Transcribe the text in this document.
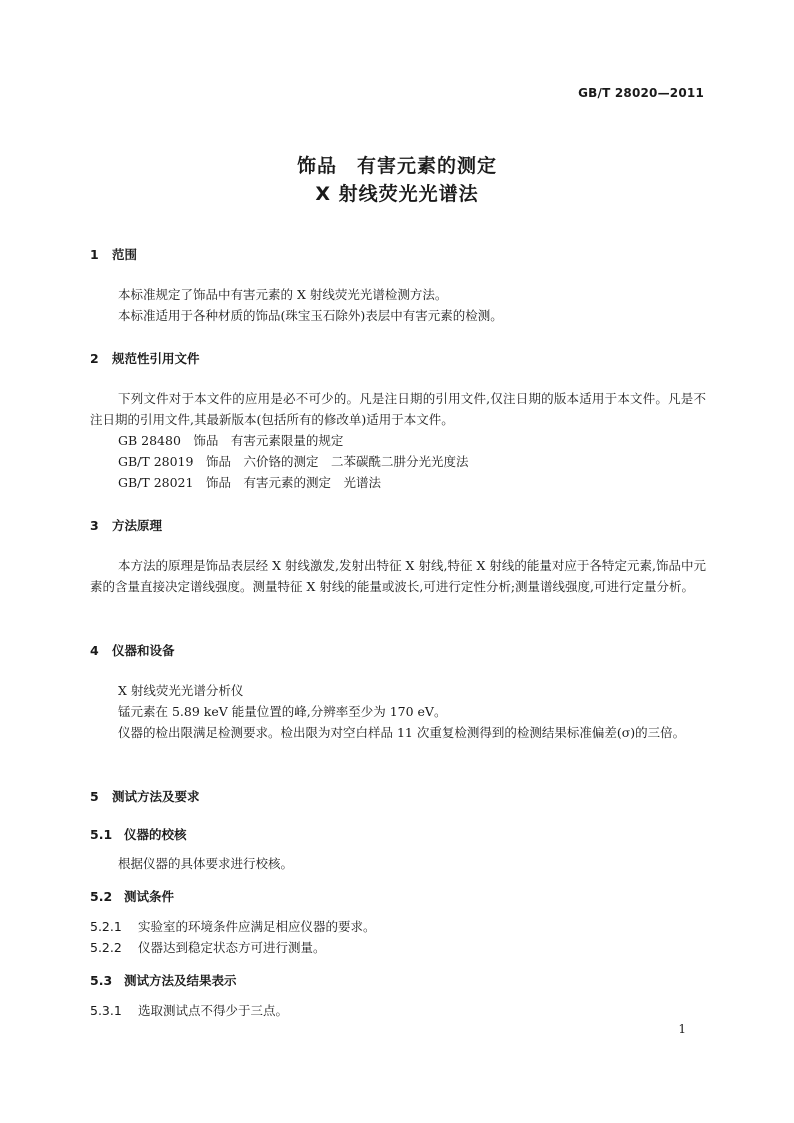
GB/T 28020—2011
饰品　有害元素的测定
X 射线荧光光谱法
1 范围
本标准规定了饰品中有害元素的 X 射线荧光光谱检测方法。
本标准适用于各种材质的饰品(珠宝玉石除外)表层中有害元素的检测。
2 规范性引用文件
下列文件对于本文件的应用是必不可少的。凡是注日期的引用文件,仅注日期的版本适用于本文件。凡是不注日期的引用文件,其最新版本(包括所有的修改单)适用于本文件。
GB 28480　饰品　有害元素限量的规定
GB/T 28019　饰品　六价铬的测定　二苯碳酰二肼分光光度法
GB/T 28021　饰品　有害元素的测定　光谱法
3 方法原理
本方法的原理是饰品表层经 X 射线激发,发射出特征 X 射线,特征 X 射线的能量对应于各特定元素,饰品中元素的含量直接决定谱线强度。测量特征 X 射线的能量或波长,可进行定性分析;测量谱线强度,可进行定量分析。
4 仪器和设备
X 射线荧光光谱分析仪
锰元素在 5.89 keV 能量位置的峰,分辨率至少为 170 eV。
仪器的检出限满足检测要求。检出限为对空白样品 11 次重复检测得到的检测结果标准偏差(σ)的三倍。
5 测试方法及要求
5.1 仪器的校核
根据仪器的具体要求进行校核。
5.2 测试条件
5.2.1 实验室的环境条件应满足相应仪器的要求。
5.2.2 仪器达到稳定状态方可进行测量。
5.3 测试方法及结果表示
5.3.1 选取测试点不得少于三点。
1
